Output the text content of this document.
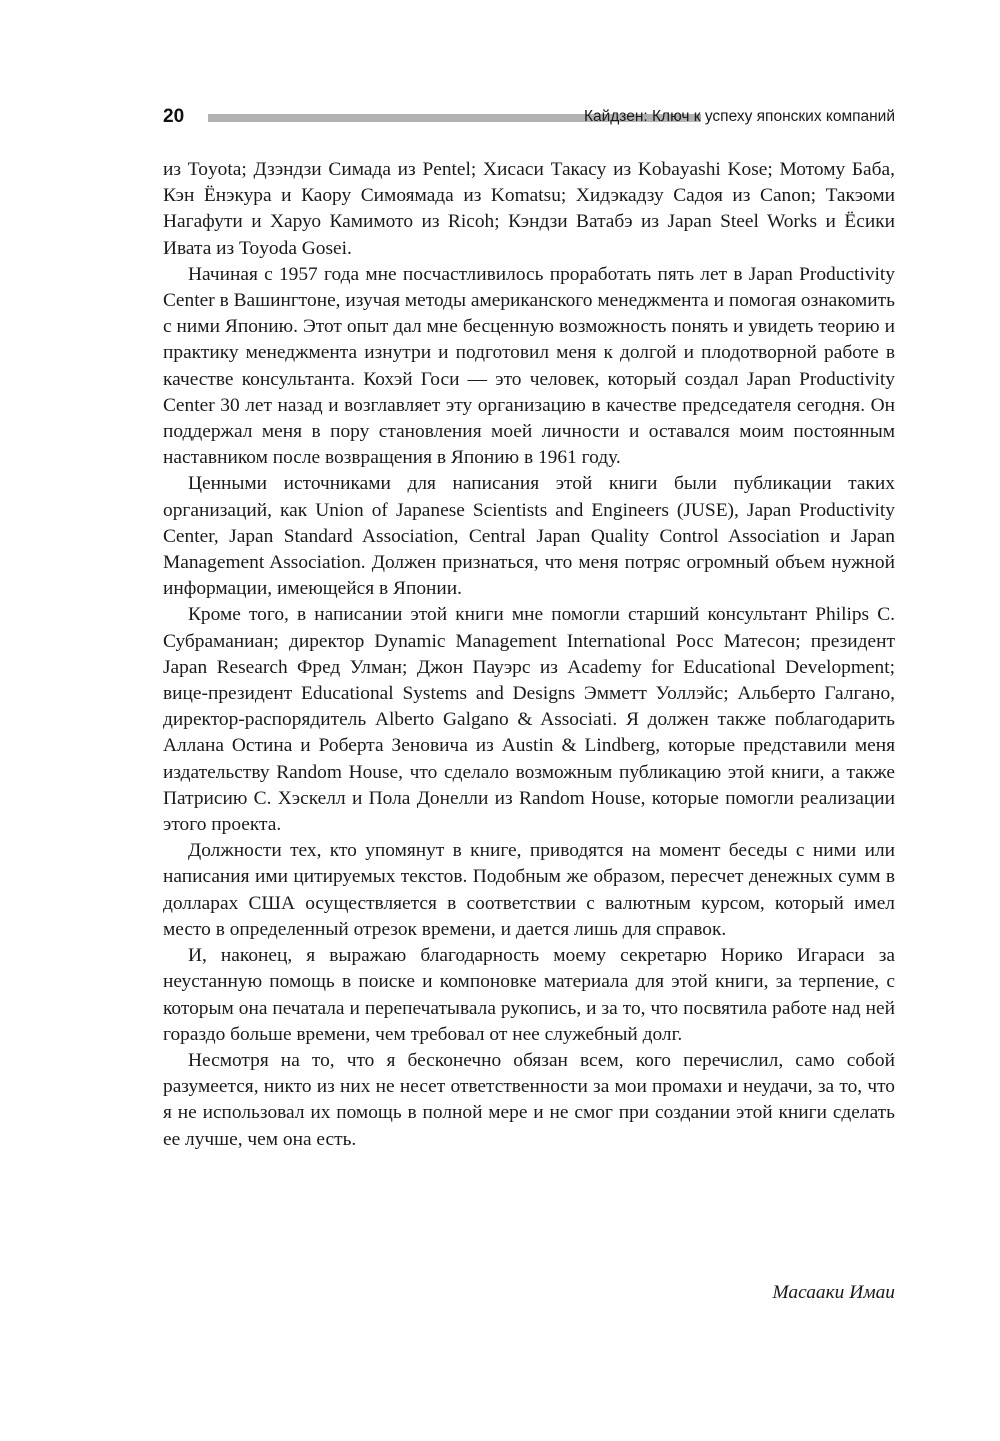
20	Кайдзен: Ключ к успеху японских компаний

из Toyota; Дзэндзи Симада из Pentel; Хисаси Такасу из Kobayashi Kose; Мотому Баба, Кэн Ёнэкура и Каору Симоямада из Komatsu; Хидэкадзу Садоя из Canon; Такэоми Нагафути и Харуо Камимото из Ricoh; Кэндзи Ватабэ из Japan Steel Works и Ёсики Ивата из Toyoda Gosei.

Начиная с 1957 года мне посчастливилось проработать пять лет в Japan Productivity Center в Вашингтоне, изучая методы американского менеджмента и помогая ознакомить с ними Японию. Этот опыт дал мне бесценную возможность понять и увидеть теорию и практику менеджмента изнутри и подготовил меня к долгой и плодотворной работе в качестве консультанта. Кохэй Госи — это человек, который создал Japan Productivity Center 30 лет назад и возглавляет эту организацию в качестве председателя сегодня. Он поддержал меня в пору становления моей личности и оставался моим постоянным наставником после возвращения в Японию в 1961 году.

Ценными источниками для написания этой книги были публикации таких организаций, как Union of Japanese Scientists and Engineers (JUSE), Japan Productivity Center, Japan Standard Association, Central Japan Quality Control Association и Japan Management Association. Должен признаться, что меня потряс огромный объем нужной информации, имеющейся в Японии.

Кроме того, в написании этой книги мне помогли старший консультант Philips C. Субраманиан; директор Dynamic Management International Росс Матесон; президент Japan Research Фред Улман; Джон Пауэрс из Academy for Educational Development; вице-президент Educational Systems and Designs Эмметт Уоллэйс; Альберто Галгано, директор-распорядитель Alberto Galgano & Associati. Я должен также поблагодарить Аллана Остина и Роберта Зеновича из Austin & Lindberg, которые представили меня издательству Random House, что сделало возможным публикацию этой книги, а также Патрисию С. Хэскелл и Пола Донелли из Random House, которые помогли реализации этого проекта.

Должности тех, кто упомянут в книге, приводятся на момент беседы с ними или написания ими цитируемых текстов. Подобным же образом, пересчет денежных сумм в долларах США осуществляется в соответствии с валютным курсом, который имел место в определенный отрезок времени, и дается лишь для справок.

И, наконец, я выражаю благодарность моему секретарю Норико Игараси за неустанную помощь в поиске и компоновке материала для этой книги, за терпение, с которым она печатала и перепечатывала рукопись, и за то, что посвятила работе над ней гораздо больше времени, чем требовал от нее служебный долг.

Несмотря на то, что я бесконечно обязан всем, кого перечислил, само собой разумеется, никто из них не несет ответственности за мои промахи и неудачи, за то, что я не использовал их помощь в полной мере и не смог при создании этой книги сделать ее лучше, чем она есть.

Масааки Имаи
